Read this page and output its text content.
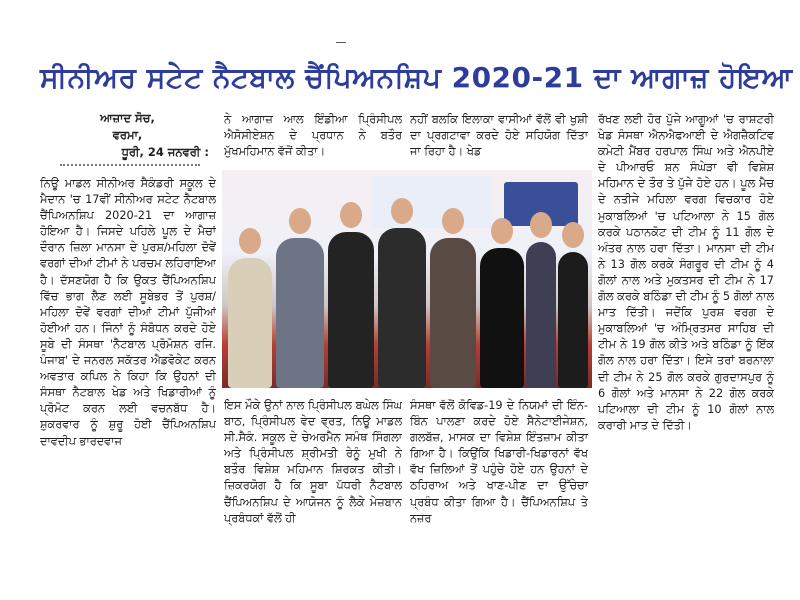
ਸੀਨੀਅਰ ਸਟੇਟ ਨੈਟਬਾਲ ਚੈਂਪਿਅਨਸ਼ਿਪ 2020-21 ਦਾ ਆਗਾਜ਼ ਹੋਇਆ
ਆਜ਼ਾਦ ਸੋਚ,
ਵਰਮਾ,
ਧੂਰੀ, 24 ਜਨਵਰੀ :

ਨਿਊ ਮਾਡਲ ਸੀਨੀਅਰ ਸੈਕੰਡਰੀ ਸਕੂਲ ਦੇ ਮੈਦਾਨ 'ਚ 17ਵੀਂ ਸੀਨੀਅਰ ਸਟੇਟ ਨੈਟਬਾਲ ਚੈਂਪਿਅਨਸ਼ਿਪ 2020-21 ਦਾ ਆਗਾਜ਼ ਹੋਇਆ ਹੈ। ਜਿਸਦੇ ਪਹਿਲੇ ਪੂਲ ਦੇ ਮੈਚਾਂ ਦੌਰਾਨ ਜ਼ਿਲਾ ਮਾਨਸਾ ਦੇ ਪੁਰਸ਼/ਮਹਿਲਾ ਦੋਵੇਂ ਵਰਗਾਂ ਦੀਆਂ ਟੀਮਾਂ ਨੇ ਪਰਚਮ ਲਹਿਰਾਇਆ ਹੈ। ਦੱਸਣਯੋਗ ਹੈ ਕਿ ਉਕਤ ਚੈਂਪਿਅਨਸ਼ਿਪ ਵਿੱਚ ਭਾਗ ਲੈਣ ਲਈ ਸੂਬੇਭਰ ਤੋਂ ਪੁਰਸ਼/ਮਹਿਲਾ ਦੋਵੇਂ ਵਰਗਾਂ ਦੀਆਂ ਟੀਮਾਂ ਪੁੱਜੀਆਂ ਹੋਈਆਂ ਹਨ। ਜਿੰਨਾਂ ਨੂੰ ਸੰਬੋਧਨ ਕਰਦੇ ਹੋਏ ਸੂਬੇ ਦੀ ਸੰਸਥਾ 'ਨੈਟਬਾਲ ਪ੍ਰੋਮੋਸ਼ਨ ਰਜਿ. ਪੰਜਾਬ' ਦੇ ਜਨਰਲ ਸਕੱਤਰ ਐਡਵੋਕੇਟ ਕਰਨ ਅਵਤਾਰ ਕਪਿਲ ਨੇ ਕਿਹਾ ਕਿ ਉਹਨਾਂ ਦੀ ਸੰਸਥਾ ਨੈਟਬਾਲ ਖੇਡ ਅਤੇ ਖਿਡਾਰੀਆਂ ਨੂੰ ਪ੍ਰੋਮੋਟ ਕਰਨ ਲਈ ਵਚਨਬੱਧ ਹੈ। ਸ਼ੁਕਰਵਾਰ ਨੂੰ ਸ਼ੁਰੂ ਹੋਈ ਚੈਂਪਿਅਨਸ਼ਿਪ ਦਾਵਦੀਪ ਭਾਰਦਵਾਜ

ਨੇ ਆਗਾਜ਼ ਆਲ ਇੰਡੀਆ ਪ੍ਰਿੰਸੀਪਲ ਐਸੋਸੀਏਸ਼ਨ ਦੇ ਪ੍ਰਧਾਨ ਨੇ ਬਤੌਰ ਮੁੱਖਮਹਿਮਾਨ ਵੱਜੋਂ ਕੀਤਾ।

ਨਹੀਂ ਬਲਕਿ ਇਲਾਕਾ ਵਾਸੀਆਂ ਵੱਲੋਂ ਵੀ ਖੁਸ਼ੀ ਦਾ ਪ੍ਰਗਟਾਵਾ ਕਰਦੇ ਹੋਏ ਸਹਿਯੋਗ ਦਿੱਤਾ ਜਾ ਰਿਹਾ ਹੈ। ਖੇਡ

ਇਸ ਮੌਕੇ ਉਨਾਂ ਨਾਲ ਪ੍ਰਿੰਸੀਪਲ ਬਘੇਲ ਸਿੰਘ ਬਾਠ, ਪ੍ਰਿੰਸੀਪਲ ਵੇਦ ਵ੍ਰਤ, ਨਿਊ ਮਾਡਲ ਸੀ.ਸੈਕੰ. ਸਕੂਲ ਦੇ ਚੇਅਰਮੈਨ ਸਮੰਥ ਸਿੰਗਲਾ ਅਤੇ ਪ੍ਰਿੰਸੀਪਲ ਸ਼੍ਰੀਮਤੀ ਰੇਨੂੰ ਮੁਖੀ ਨੇ ਬਤੌਰ ਵਿਸ਼ੇਸ਼ ਮਹਿਮਾਨ ਸ਼ਿਰਕਤ ਕੀਤੀ। ਜ਼ਿਕਰਯੋਗ ਹੈ ਕਿ ਸੂਬਾ ਪੱਧਰੀ ਨੈਟਬਾਲ ਚੈਂਪਿਅਨਸ਼ਿਪ ਦੇ ਆਯੋਜਨ ਨੂੰ ਲੈਕੇ ਮੇਜ਼ਬਾਨ ਪ੍ਰਬੰਧਕਾਂ ਵੱਲੋਂ ਹੀ

ਸੰਸਥਾ ਵੱਲੋਂ ਕੋਵਿਡ-19 ਦੇ ਨਿਯਮਾਂ ਦੀ ਇੰਨ-ਬਿੰਨ ਪਾਲਣਾ ਕਰਦੇ ਹੋਏ ਸੈਨੇਟਾਈਜੇਸ਼ਨ, ਗਲਬੱਜ਼, ਮਾਸਕ ਦਾ ਵਿਸ਼ੇਸ਼ ਇੰਤਜ਼ਾਮ ਕੀਤਾ ਗਿਆ ਹੈ। ਕਿਉਂਕਿ ਖਿਡਾਰੀ-ਖਿਡਾਰਨਾਂ ਵੱਖ ਵੱਖ ਜ਼ਿਲਿਆਂ ਤੋਂ ਪਹੁੰਚੇ ਹੋਏ ਹਨ ਉਹਨਾਂ ਦੇ ਠਹਿਰਾਅ ਅਤੇ ਖਾਣ-ਪੀਣ ਦਾ ਉੱਚੇਚਾ ਪ੍ਰਬੰਧ ਕੀਤਾ ਗਿਆ ਹੈ। ਚੈਂਪਿਅਨਸ਼ਿਪ ਤੇ ਨਜ਼ਰ

ਰੱਖਣ ਲਈ ਹੋਰ ਪੁੱਜੇ ਆਗੂਆਂ 'ਚ ਰਾਸ਼ਟਰੀ ਖੇਡ ਸੰਸਥਾ ਐਨਐਫਆਈ ਦੇ ਐਗਜ਼ੈਕਟਿਵ ਕਮੇਟੀ ਮੈਂਬਰ ਹਰਪਾਲ ਸਿੰਘ ਅਤੇ ਐਨਪੀਏ ਦੇ ਪੀਆਰਓ ਸ਼ਨ ਸੰਘੇੜਾ ਵੀ ਵਿਸ਼ੇਸ਼ ਮਹਿਮਾਨ ਦੇ ਤੌਰ ਤੇ ਪੁੱਜੇ ਹੋਏ ਹਨ। ਪੂਲ ਮੈਚ ਦੇ ਨਤੀਜੇ ਮਹਿਲਾ ਵਰਗ ਵਿਚਕਾਰ ਹੋਏ ਮੁਕਾਬਲਿਆਂ 'ਚ ਪਟਿਆਲਾ ਨੇ 15 ਗੋਲ ਕਰਕੇ ਪਠਾਨਕੋਟ ਦੀ ਟੀਮ ਨੂੰ 11 ਗੋਲ ਦੇ ਅੰਤਰ ਨਾਲ ਹਰਾ ਦਿੱਤਾ। ਮਾਨਸਾ ਦੀ ਟੀਮ ਨੇ 13 ਗੋਲ ਕਰਕੇ ਸੰਗਰੂਰ ਦੀ ਟੀਮ ਨੂੰ 4 ਗੋਲਾਂ ਨਾਲ ਅਤੇ ਮੁਕਤਸਰ ਦੀ ਟੀਮ ਨੇ 17 ਗੋਲ ਕਰਕੇ ਬਠਿੰਡਾ ਦੀ ਟੀਮ ਨੂੰ 5 ਗੋਲਾਂ ਨਾਲ ਮਾਤ ਦਿੱਤੀ। ਜਦੋਂਕਿ ਪੁਰਸ਼ ਵਰਗ ਦੇ ਮੁਕਾਬਲਿਆਂ 'ਚ ਅੰਮ੍ਰਿਤਸਰ ਸਾਹਿਬ ਦੀ ਟੀਮ ਨੇ 19 ਗੋਲ ਕੀਤੇ ਅਤੇ ਬਠਿੰਡਾ ਨੂੰ ਇੱਕ ਗੋਲ ਨਾਲ ਹਰਾ ਦਿੱਤਾ। ਇਸੇ ਤਰਾਂ ਬਰਨਾਲਾ ਦੀ ਟੀਮ ਨੇ 25 ਗੋਲ ਕਰਕੇ ਗੁਰਦਾਸਪੁਰ ਨੂੰ 6 ਗੋਲਾਂ ਅਤੇ ਮਾਨਸਾ ਨੇ 22 ਗੋਲ ਕਰਕੇ ਪਟਿਆਲਾ ਦੀ ਟੀਮ ਨੂੰ 10 ਗੋਲਾਂ ਨਾਲ ਕਰਾਰੀ ਮਾਤ ਦੇ ਦਿੱਤੀ।
